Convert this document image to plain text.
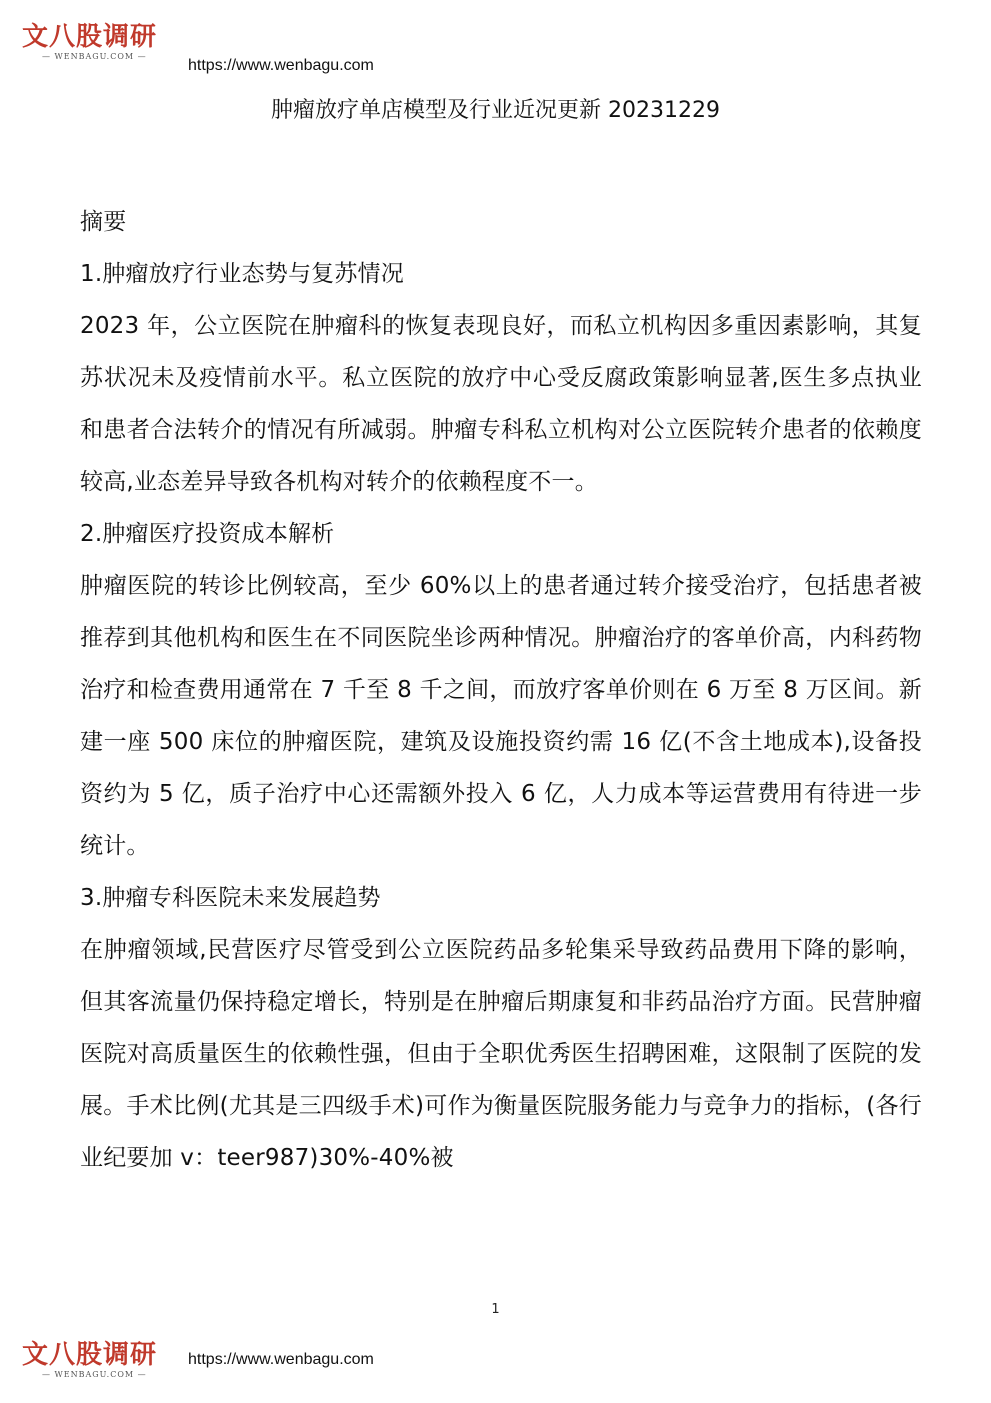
文八股调研
— WENBAGU.COM —
https://www.wenbagu.com
肿瘤放疗单店模型及行业近况更新 20231229

摘要

1.肿瘤放疗行业态势与复苏情况

2023 年，公立医院在肿瘤科的恢复表现良好，而私立机构因多重因素影响，其复苏状况未及疫情前水平。私立医院的放疗中心受反腐政策影响显著,医生多点执业和患者合法转介的情况有所减弱。肿瘤专科私立机构对公立医院转介患者的依赖度较高,业态差异导致各机构对转介的依赖程度不一。

2.肿瘤医疗投资成本解析

肿瘤医院的转诊比例较高，至少 60%以上的患者通过转介接受治疗，包括患者被推荐到其他机构和医生在不同医院坐诊两种情况。肿瘤治疗的客单价高，内科药物治疗和检查费用通常在 7 千至 8 千之间，而放疗客单价则在 6 万至 8 万区间。新建一座 500 床位的肿瘤医院，建筑及设施投资约需 16 亿(不含土地成本),设备投资约为 5 亿，质子治疗中心还需额外投入 6 亿，人力成本等运营费用有待进一步统计。

3.肿瘤专科医院未来发展趋势

在肿瘤领域,民营医疗尽管受到公立医院药品多轮集采导致药品费用下降的影响，但其客流量仍保持稳定增长，特别是在肿瘤后期康复和非药品治疗方面。民营肿瘤医院对高质量医生的依赖性强，但由于全职优秀医生招聘困难，这限制了医院的发展。手术比例(尤其是三四级手术)可作为衡量医院服务能力与竞争力的指标，(各行业纪要加 v：teer987)30%-40%被

1
文八股调研
— WENBAGU.COM —
https://www.wenbagu.com
